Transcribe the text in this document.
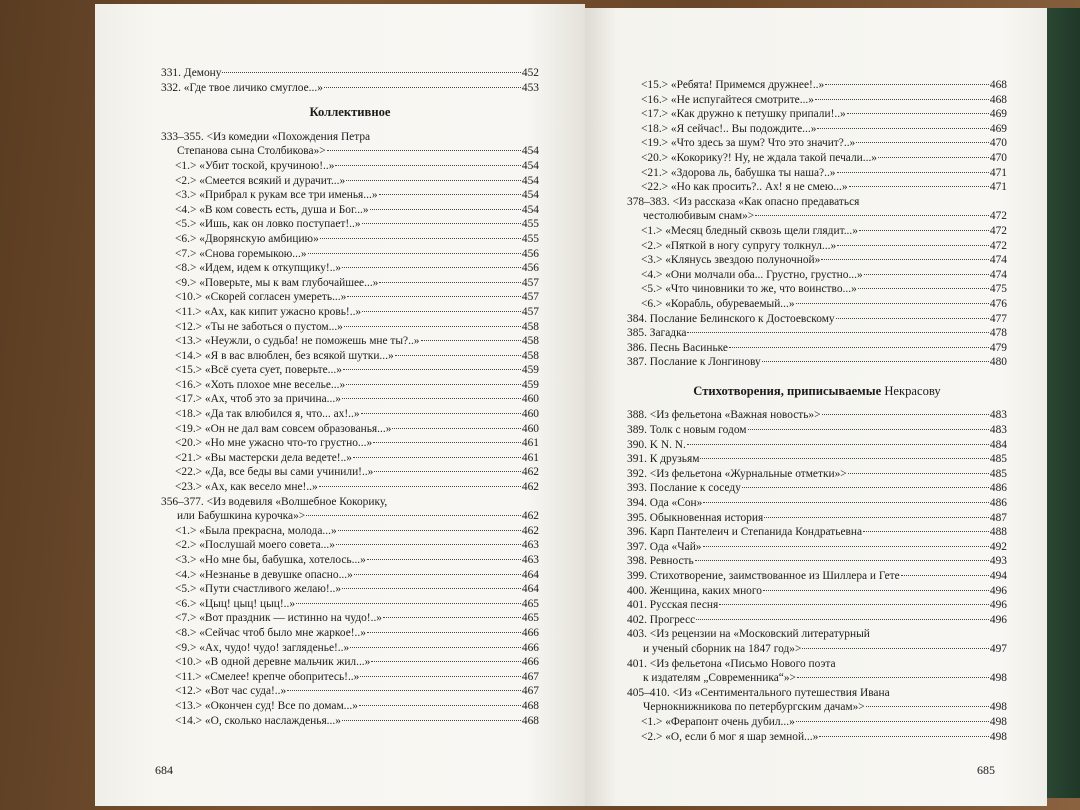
331. Демону	452
332. «Где твое личико смуглое...»	453
Коллективное
333–355. <Из комедии «Похождения Петра
Степанова сына Столбикова»>	454
<1.> «Убит тоской, кручиною!..»	454
<2.> «Смеется всякий и дурачит...»	454
<3.> «Прибрал к рукам все три именья...»	454
<4.> «В ком совесть есть, душа и Бог...»	454
<5.> «Ишь, как он ловко поступает!..»	455
<6.> «Дворянскую амбицию»	455
<7.> «Снова горемыкою...»	456
<8.> «Идем, идем к откупщику!..»	456
<9.> «Поверьте, мы к вам глубочайшее...»	457
<10.> «Скорей согласен умереть...»	457
<11.> «Ах, как кипит ужасно кровь!..»	457
<12.> «Ты не заботься о пустом...»	458
<13.> «Неужли, о судьба! не поможешь мне ты?..»	458
<14.> «Я в вас влюблен, без всякой шутки...»	458
<15.> «Всё суета сует, поверьте...»	459
<16.> «Хоть плохое мне веселье...»	459
<17.> «Ах, чтоб это за причина...»	460
<18.> «Да так влюбился я, что... ах!..»	460
<19.> «Он не дал вам совсем образованья...»	460
<20.> «Но мне ужасно что-то грустно...»	461
<21.> «Вы мастерски дела ведете!..»	461
<22.> «Да, все беды вы сами учинили!..»	462
<23.> «Ах, как весело мне!..»	462
356–377. <Из водевиля «Волшебное Кокорику,
или Бабушкина курочка»>	462
<1.> «Была прекрасна, молода...»	462
<2.> «Послушай моего совета...»	463
<3.> «Но мне бы, бабушка, хотелось...»	463
<4.> «Незнанье в девушке опасно...»	464
<5.> «Пути счастливого желаю!..»	464
<6.> «Цыц! цыц! цыц!..»	465
<7.> «Вот праздник — истинно на чудо!..»	465
<8.> «Сейчас чтоб было мне жаркое!..»	466
<9.> «Ах, чудо! чудо! загляденье!..»	466
<10.> «В одной деревне мальчик жил...»	466
<11.> «Смелее! крепче обопритесь!..»	467
<12.> «Вот час суда!..»	467
<13.> «Окончен суд! Все по домам...»	468
<14.> «О, сколько наслажденья...»	468
684
<15.> «Ребята! Примемся дружнее!..»	468
<16.> «Не испугайтеся смотрите...»	468
<17.> «Как дружно к петушку припали!..»	469
<18.> «Я сейчас!.. Вы подождите...»	469
<19.> «Что здесь за шум? Что это значит?..»	470
<20.> «Кокорику?! Ну, не ждала такой печали...»	470
<21.> «Здорова ль, бабушка ты наша?..»	471
<22.> «Но как просить?.. Ах! я не смею...»	471
378–383. <Из рассказа «Как опасно предаваться
честолюбивым снам»>	472
<1.> «Месяц бледный сквозь щели глядит...»	472
<2.> «Пяткой в ногу супругу толкнул...»	472
<3.> «Клянусь звездою полуночной»	474
<4.> «Они молчали оба... Грустно, грустно...»	474
<5.> «Что чиновники то же, что воинство...»	475
<6.> «Корабль, обуреваемый...»	476
384. Послание Белинского к Достоевскому	477
385. Загадка	478
386. Песнь Васиньке	479
387. Послание к Лонгинову	480
Стихотворения, приписываемые Некрасову
388. <Из фельетона «Важная новость»>	483
389. Толк с новым годом	483
390. K N. N.	484
391. К друзьям	485
392. <Из фельетона «Журнальные отметки»>	485
393. Послание к соседу	486
394. Ода «Сон»	486
395. Обыкновенная история	487
396. Карп Пантелеич и Степанида Кондратьевна	488
397. Ода «Чай»	492
398. Ревность	493
399. Стихотворение, заимствованное из Шиллера и Гете	494
400. Женщина, каких много	496
401. Русская песня	496
402. Прогресс	496
403. <Из рецензии на «Московский литературный
и ученый сборник на 1847 год»>	497
401. <Из фельетона «Письмо Нового поэта
к издателям „Современника“»>	498
405–410. <Из «Сентиментального путешествия Ивана
Чернокнижникова по петербургским дачам»>	498
<1.> «Ферапонт очень дубил...»	498
<2.> «О, если б мог я шар земной...»	498
685
